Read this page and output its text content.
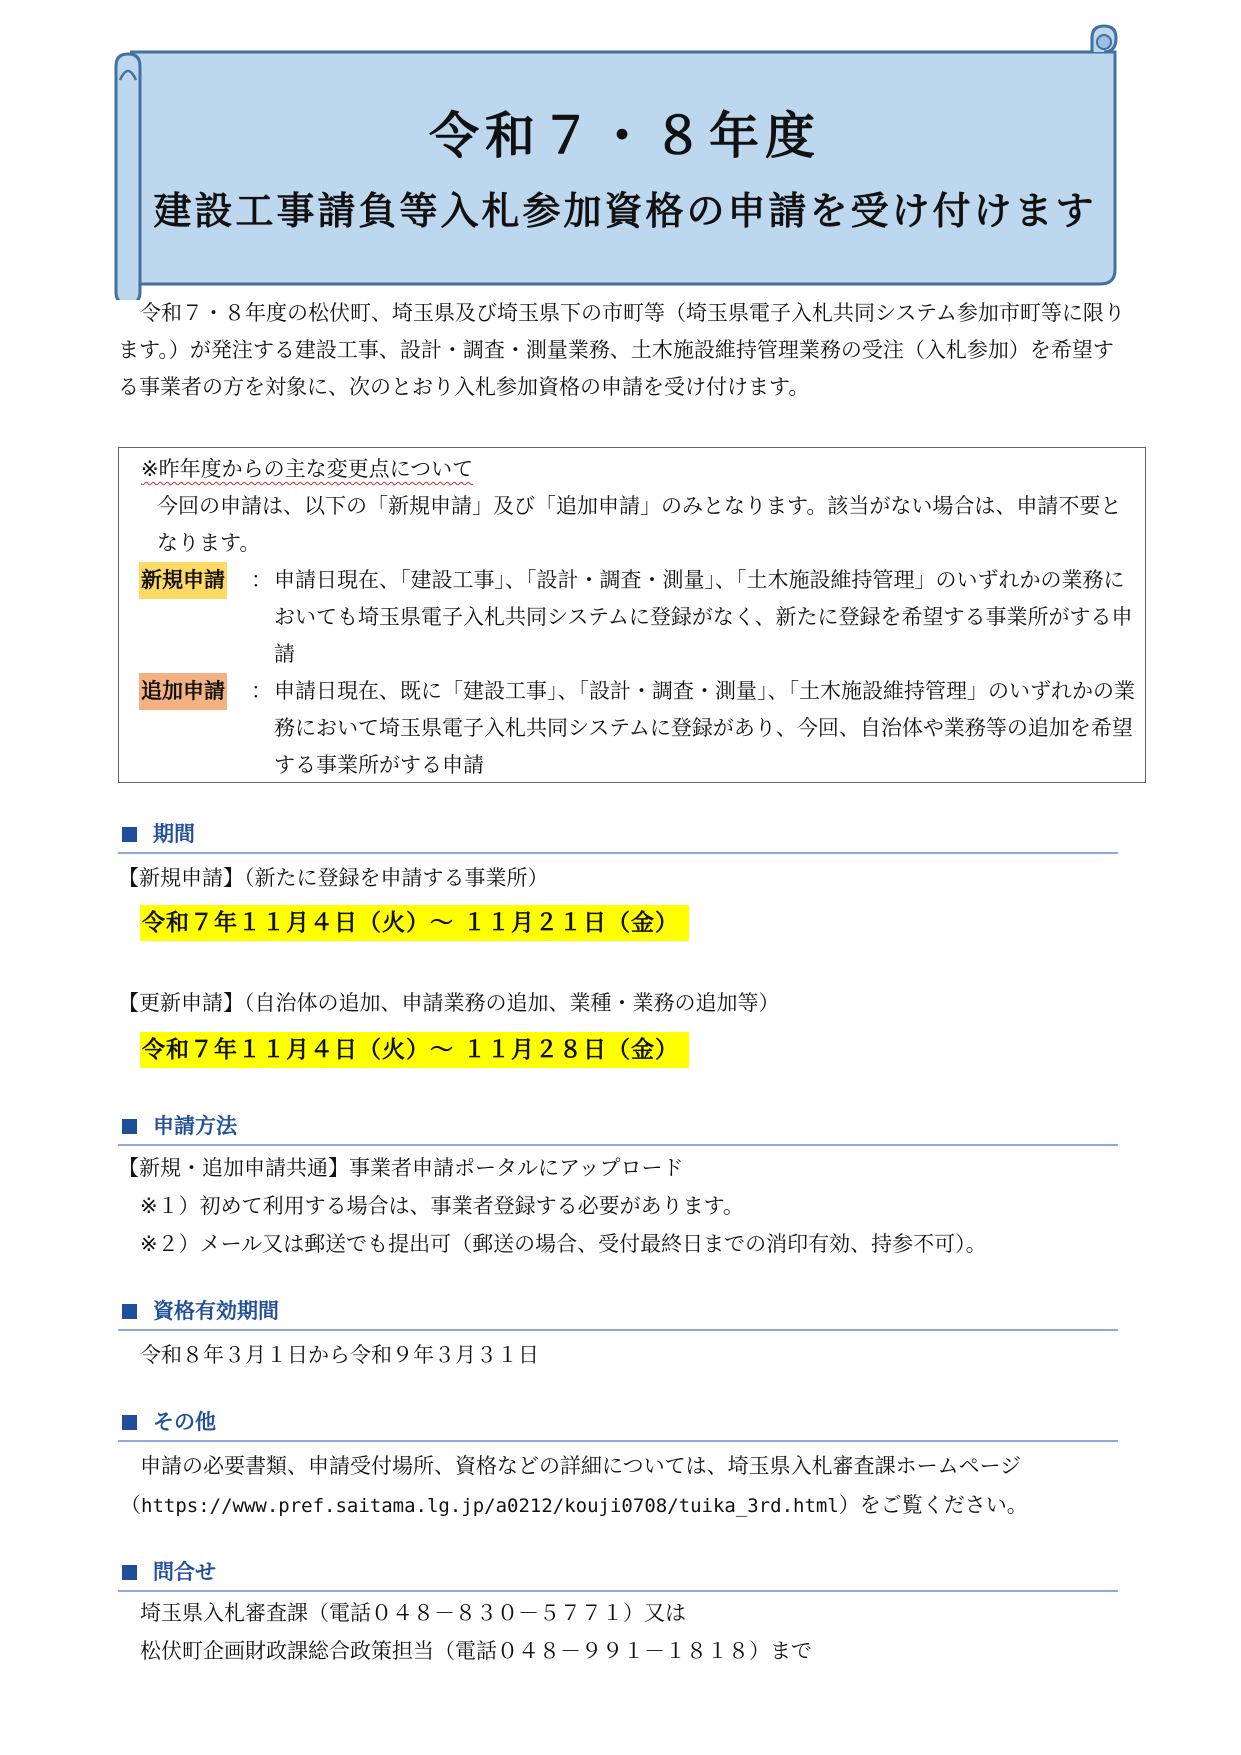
令和７・８年度
建設工事請負等入札参加資格の申請を受け付けます
令和７・８年度の松伏町、埼玉県及び埼玉県下の市町等（埼玉県電子入札共同システム参加市町等に限ります。）が発注する建設工事、設計・調査・測量業務、土木施設維持管理業務の受注（入札参加）を希望する事業者の方を対象に、次のとおり入札参加資格の申請を受け付けます。
※昨年度からの主な変更点について
今回の申請は、以下の「新規申請」及び「追加申請」のみとなります。該当がない場合は、申請不要となります。
新規申請 ： 申請日現在、「建設工事」、「設計・調査・測量」、「土木施設維持管理」のいずれかの業務においても埼玉県電子入札共同システムに登録がなく、新たに登録を希望する事業所がする申請
追加申請 ： 申請日現在、既に「建設工事」、「設計・調査・測量」、「土木施設維持管理」のいずれかの業務において埼玉県電子入札共同システムに登録があり、今回、自治体や業務等の追加を希望する事業所がする申請
期間
【新規申請】（新たに登録を申請する事業所）
令和７年１１月４日（火）～ １１月２１日（金）
【更新申請】（自治体の追加、申請業務の追加、業種・業務の追加等）
令和７年１１月４日（火）～ １１月２８日（金）
申請方法
【新規・追加申請共通】事業者申請ポータルにアップロード
※１）初めて利用する場合は、事業者登録する必要があります。
※２）メール又は郵送でも提出可（郵送の場合、受付最終日までの消印有効、持参不可）。
資格有効期間
令和８年３月１日から令和９年３月３１日
その他
申請の必要書類、申請受付場所、資格などの詳細については、埼玉県入札審査課ホームページ
（https://www.pref.saitama.lg.jp/a0212/kouji0708/tuika_3rd.html）をご覧ください。
問合せ
埼玉県入札審査課（電話０４８－８３０－５７７１）又は
松伏町企画財政課総合政策担当（電話０４８－９９１－１８１８）まで
